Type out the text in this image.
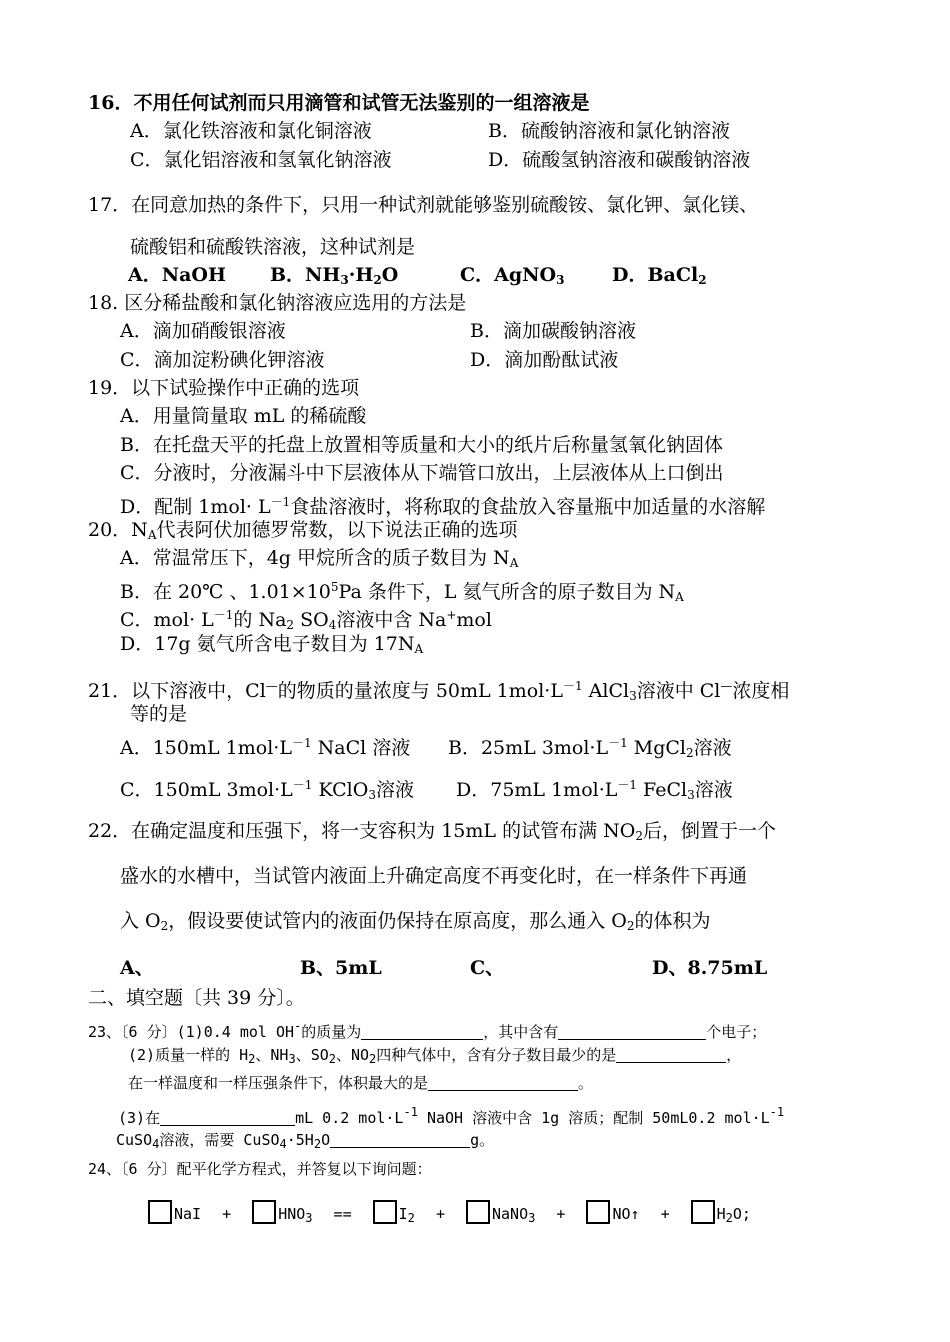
16．不用任何试剂而只用滴管和试管无法鉴别的一组溶液是
A．氯化铁溶液和氯化铜溶液	B．硫酸钠溶液和氯化钠溶液
C．氯化铝溶液和氢氧化钠溶液	D．硫酸氢钠溶液和碳酸钠溶液
17．在同意加热的条件下，只用一种试剂就能够鉴别硫酸铵、氯化钾、氯化镁、
硫酸铝和硫酸铁溶液，这种试剂是
A．NaOH B．$NH_3\cdot H_2O$	C．AgNO$_3$	D．BaCl$_2$
18. 区分稀盐酸和氯化钠溶液应选用的方法是
A．滴加硝酸银溶液	B．滴加碳酸钠溶液
C．滴加淀粉碘化钾溶液	D．滴加酚酞试液
19．以下试验操作中正确的选项
A．用量筒量取 mL 的稀硫酸
B．在托盘天平的托盘上放置相等质量和大小的纸片后称量氢氧化钠固体
C．分液时，分液漏斗中下层液体从下端管口放出，上层液体从上口倒出
D．配制 $1mol\cdot L^{-1}$食盐溶液时，将称取的食盐放入容量瓶中加适量的水溶解
20．$N_A$代表阿伏加德罗常数，以下说法正确的选项
A．常温常压下，4g 甲烷所含的质子数目为 $N_A$
B．在 20℃ 、$1.01\times 10^5Pa$ 条件下，L 氦气所含的原子数目为 $N_A$
C．$mol\cdot L^{-1}$的 $Na_2$ $SO_4$溶液中含 Na+mol
D．17g 氨气所含电子数目为 $17N_A$
21．以下溶液中，Cl—的物质的量浓度与 50mL $1mol\cdot L^{-1}$ AlCl$_3$溶液中 Cl—浓度相
等的是
A．150mL $1mol\cdot L^{-1}$ NaCl 溶液 B．25mL $3mol\cdot L^{-1}$ MgCl$_2$溶液
C．150mL $3mol\cdot L^{-1}$ KClO$_3$溶液 D．75mL $1mol\cdot L^{-1}$ FeCl$_3$溶液
22．在确定温度和压强下，将一支容积为 15mL 的试管布满 $NO_2$后，倒置于一个
盛水的水槽中，当试管内液面上升确定高度不再变化时，在一样条件下再通
入 $O_2$，假设要使试管内的液面仍保持在原高度，那么通入 $O_2$的体积为
A、	B、5mL	C、	D、8.75mL
二、填空题〔共 39 分〕。
23、〔6 分〕(1)0.4 mol OH-的质量为	，其中含有	个电子；
(2)质量一样的 $H_2$、$NH_3$、$SO_2$、$NO_2$四种气体中，含有分子数目最少的是	，
在一样温度和一样压强条件下，体积最大的是	。
(3)在	mL 0.2 $mol\cdot L^{-1}$ NaOH 溶液中含 1g 溶质；配制 50mL0.2 $mol\cdot L^{-1}$
CuSO$_4$溶液，需要 $CuSO_4\cdot 5H_2O$	g。
24、〔6 分〕配平化学方程式，并答复以下询问题：
NaI +	$HNO_3$ ==	$I_2$ +	NaNO$_3$ +	NO↑ +	$H_2O$;
